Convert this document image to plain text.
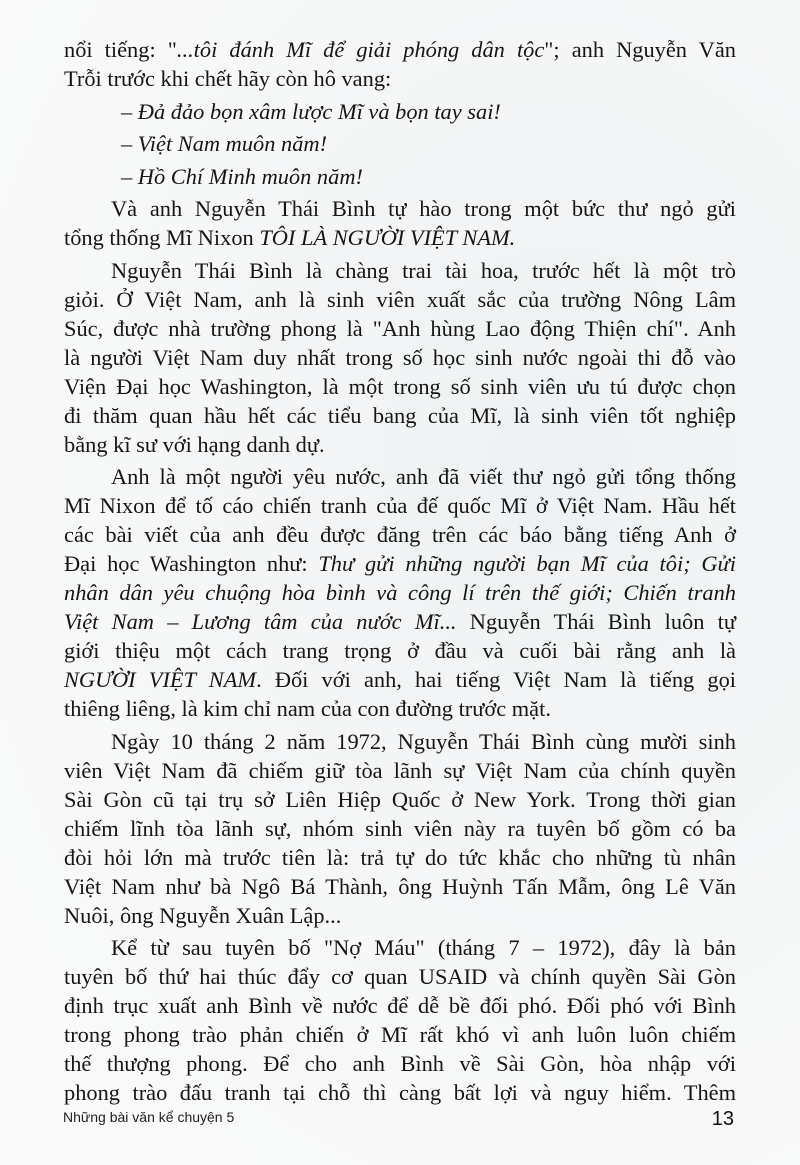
nổi tiếng: "...tôi đánh Mĩ để giải phóng dân tộc"; anh Nguyễn Văn
Trỗi trước khi chết hãy còn hô vang:
– Đả đảo bọn xâm lược Mĩ và bọn tay sai!
– Việt Nam muôn năm!
– Hồ Chí Minh muôn năm!
Và anh Nguyễn Thái Bình tự hào trong một bức thư ngỏ gửi
tổng thống Mĩ Nixon TÔI LÀ NGƯỜI VIỆT NAM.
Nguyễn Thái Bình là chàng trai tài hoa, trước hết là một trò
giỏi. Ở Việt Nam, anh là sinh viên xuất sắc của trường Nông Lâm
Súc, được nhà trường phong là "Anh hùng Lao động Thiện chí". Anh
là người Việt Nam duy nhất trong số học sinh nước ngoài thi đỗ vào
Viện Đại học Washington, là một trong số sinh viên ưu tú được chọn
đi thăm quan hầu hết các tiểu bang của Mĩ, là sinh viên tốt nghiệp
bằng kĩ sư với hạng danh dự.
Anh là một người yêu nước, anh đã viết thư ngỏ gửi tổng thống
Mĩ Nixon để tố cáo chiến tranh của đế quốc Mĩ ở Việt Nam. Hầu hết
các bài viết của anh đều được đăng trên các báo bằng tiếng Anh ở
Đại học Washington như: Thư gửi những người bạn Mĩ của tôi; Gửi
nhân dân yêu chuộng hòa bình và công lí trên thế giới; Chiến tranh
Việt Nam – Lương tâm của nước Mĩ... Nguyễn Thái Bình luôn tự
giới thiệu một cách trang trọng ở đầu và cuối bài rằng anh là
NGƯỜI VIỆT NAM. Đối với anh, hai tiếng Việt Nam là tiếng gọi
thiêng liêng, là kim chỉ nam của con đường trước mặt.
Ngày 10 tháng 2 năm 1972, Nguyễn Thái Bình cùng mười sinh
viên Việt Nam đã chiếm giữ tòa lãnh sự Việt Nam của chính quyền
Sài Gòn cũ tại trụ sở Liên Hiệp Quốc ở New York. Trong thời gian
chiếm lĩnh tòa lãnh sự, nhóm sinh viên này ra tuyên bố gồm có ba
đòi hỏi lớn mà trước tiên là: trả tự do tức khắc cho những tù nhân
Việt Nam như bà Ngô Bá Thành, ông Huỳnh Tấn Mẫm, ông Lê Văn
Nuôi, ông Nguyễn Xuân Lập...
Kể từ sau tuyên bố "Nợ Máu" (tháng 7 – 1972), đây là bản
tuyên bố thứ hai thúc đẩy cơ quan USAID và chính quyền Sài Gòn
định trục xuất anh Bình về nước để dễ bề đối phó. Đối phó với Bình
trong phong trào phản chiến ở Mĩ rất khó vì anh luôn luôn chiếm
thế thượng phong. Để cho anh Bình về Sài Gòn, hòa nhập với
phong trào đấu tranh tại chỗ thì càng bất lợi và nguy hiểm. Thêm
Những bài văn kể chuyện 5	13
